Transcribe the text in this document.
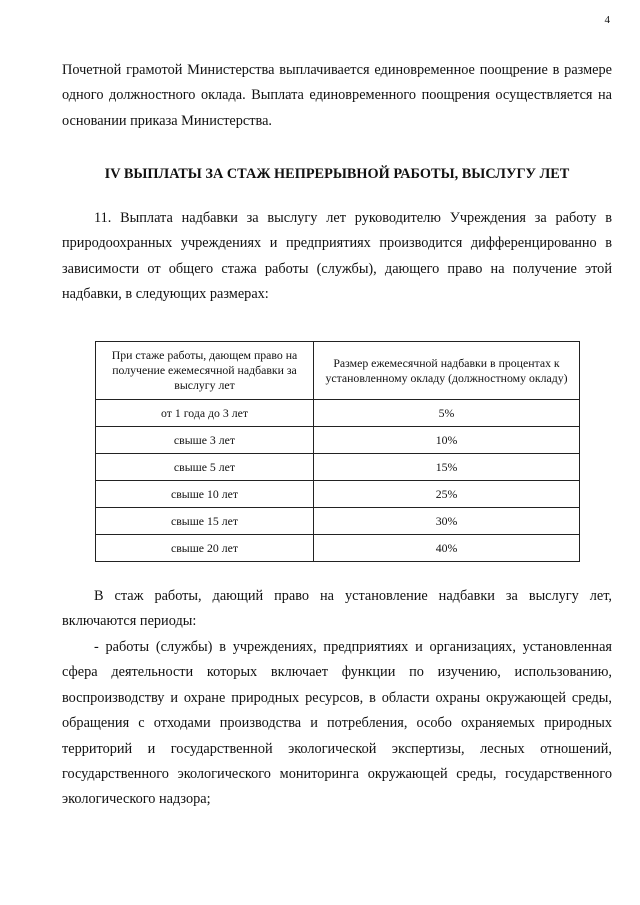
4

Почетной грамотой Министерства выплачивается единовременное поощрение в размере одного должностного оклада. Выплата единовременного поощрения осуществляется на основании приказа Министерства.

IV ВЫПЛАТЫ ЗА СТАЖ НЕПРЕРЫВНОЙ РАБОТЫ, ВЫСЛУГУ ЛЕТ

11. Выплата надбавки за выслугу лет руководителю Учреждения за работу в природоохранных учреждениях и предприятиях производится дифференцированно в зависимости от общего стажа работы (службы), дающего право на получение этой надбавки, в следующих размерах:

При стаже работы, дающем право на получение ежемесячной надбавки за выслугу лет	Размер ежемесячной надбавки в процентах к установленному окладу (должностному окладу)
от 1 года до 3 лет	5%
свыше 3 лет	10%
свыше 5 лет	15%
свыше 10 лет	25%
свыше 15 лет	30%
свыше 20 лет	40%

В стаж работы, дающий право на установление надбавки за выслугу лет, включаются периоды:

- работы (службы) в учреждениях, предприятиях и организациях, установленная сфера деятельности которых включает функции по изучению, использованию, воспроизводству и охране природных ресурсов, в области охраны окружающей среды, обращения с отходами производства и потребления, особо охраняемых природных территорий и государственной экологической экспертизы, лесных отношений, государственного экологического мониторинга окружающей среды, государственного экологического надзора;
